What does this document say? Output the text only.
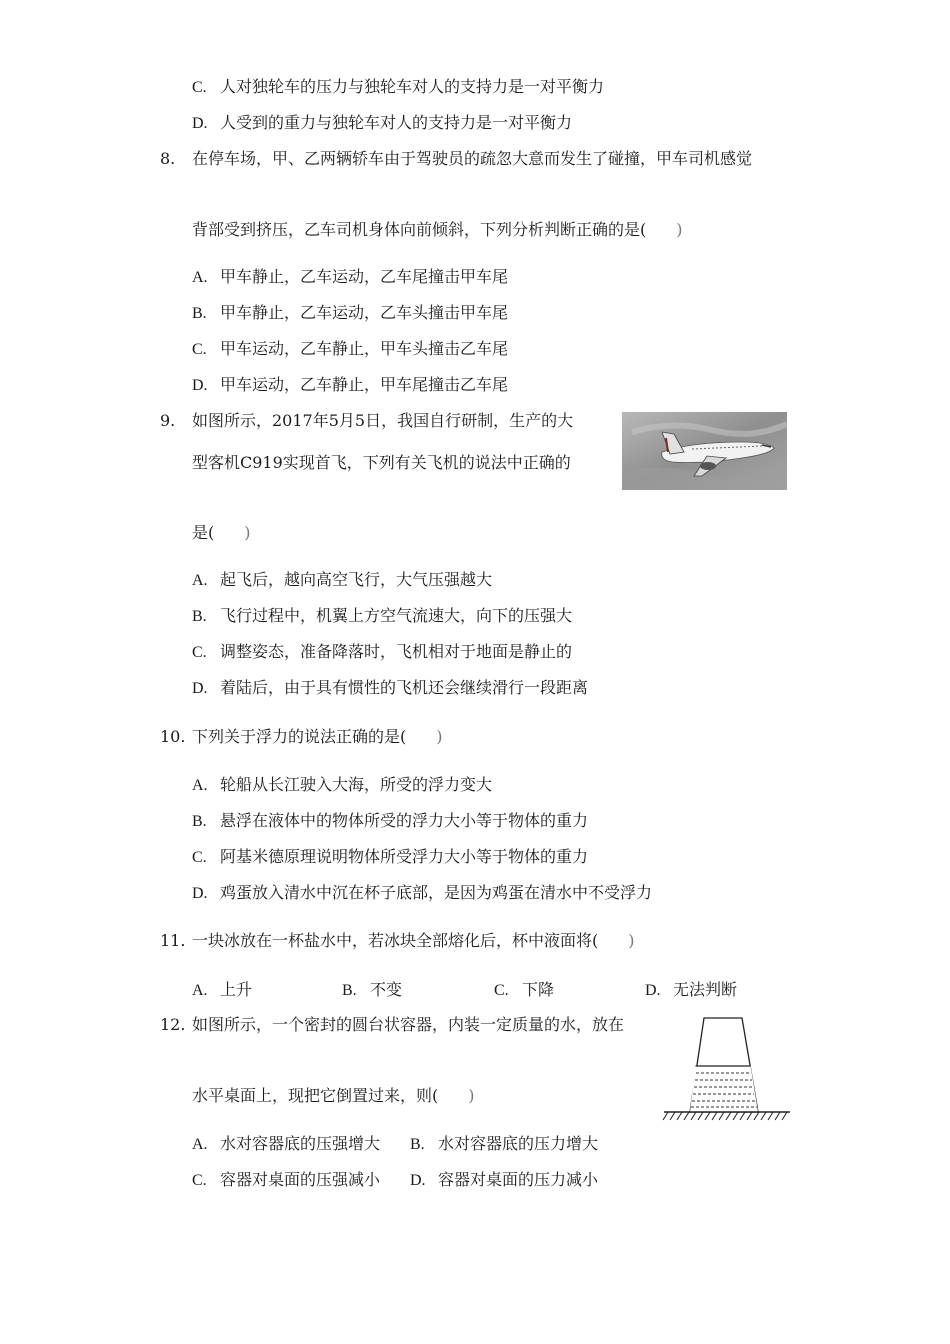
C. 人对独轮车的压力与独轮车对人的支持力是一对平衡力
D. 人受到的重力与独轮车对人的支持力是一对平衡力
8. 在停车场，甲、乙两辆轿车由于驾驶员的疏忽大意而发生了碰撞，甲车司机感觉
背部受到挤压，乙车司机身体向前倾斜，下列分析判断正确的是( )
A. 甲车静止，乙车运动，乙车尾撞击甲车尾
B. 甲车静止，乙车运动，乙车头撞击甲车尾
C. 甲车运动，乙车静止，甲车头撞击乙车尾
D. 甲车运动，乙车静止，甲车尾撞击乙车尾
9. 如图所示，2017年5月5日，我国自行研制，生产的大
型客机C919实现首飞，下列有关飞机的说法中正确的
是( )
A. 起飞后，越向高空飞行，大气压强越大
B. 飞行过程中，机翼上方空气流速大，向下的压强大
C. 调整姿态，准备降落时，飞机相对于地面是静止的
D. 着陆后，由于具有惯性的飞机还会继续滑行一段距离
10. 下列关于浮力的说法正确的是( )
A. 轮船从长江驶入大海，所受的浮力变大
B. 悬浮在液体中的物体所受的浮力大小等于物体的重力
C. 阿基米德原理说明物体所受浮力大小等于物体的重力
D. 鸡蛋放入清水中沉在杯子底部，是因为鸡蛋在清水中不受浮力
11. 一块冰放在一杯盐水中，若冰块全部熔化后，杯中液面将( )
A. 上升	B. 不变	C. 下降	D. 无法判断
12. 如图所示，一个密封的圆台状容器，内装一定质量的水，放在
水平桌面上，现把它倒置过来，则( )
A. 水对容器底的压强增大 B. 水对容器底的压力增大
C. 容器对桌面的压强减小 D. 容器对桌面的压力减小
